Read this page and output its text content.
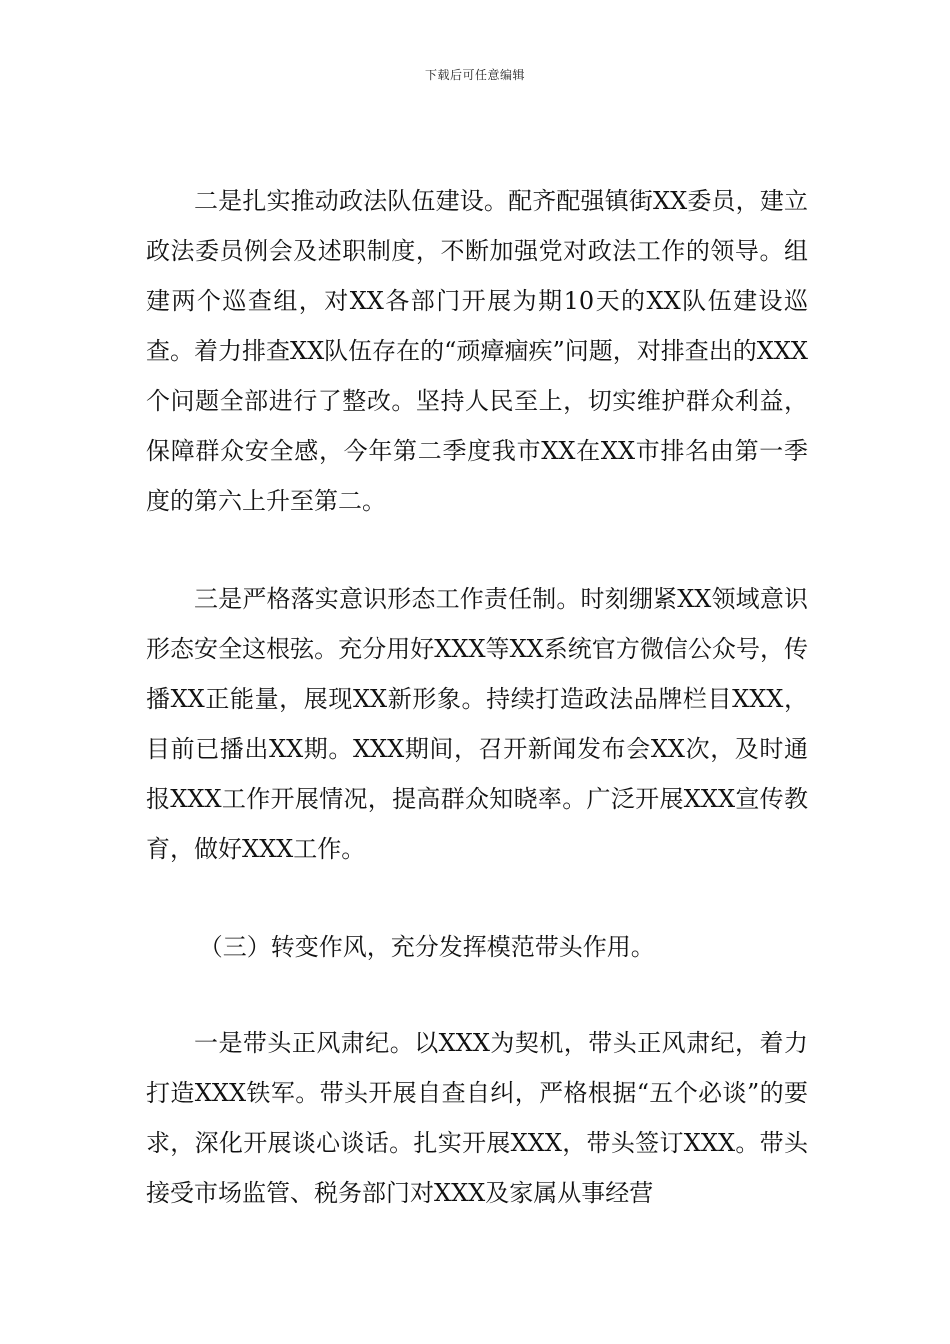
下载后可任意编辑

二是扎实推动政法队伍建设。配齐配强镇街XX委员，建立政法委员例会及述职制度，不断加强党对政法工作的领导。组建两个巡查组，对XX各部门开展为期10天的XX队伍建设巡查。着力排查XX队伍存在的“顽瘴痼疾”问题，对排查出的XXX个问题全部进行了整改。坚持人民至上，切实维护群众利益，保障群众安全感，今年第二季度我市XX在XX市排名由第一季度的第六上升至第二。

三是严格落实意识形态工作责任制。时刻绷紧XX领域意识形态安全这根弦。充分用好XXX等XX系统官方微信公众号，传播XX正能量，展现XX新形象。持续打造政法品牌栏目XXX，目前已播出XX期。XXX期间，召开新闻发布会XX次，及时通报XXX工作开展情况，提高群众知晓率。广泛开展XXX宣传教育，做好XXX工作。

（三）转变作风，充分发挥模范带头作用。

一是带头正风肃纪。以XXX为契机，带头正风肃纪，着力打造XXX铁军。带头开展自查自纠，严格根据“五个必谈”的要求，深化开展谈心谈话。扎实开展XXX，带头签订XXX。带头接受市场监管、税务部门对XXX及家属从事经营
